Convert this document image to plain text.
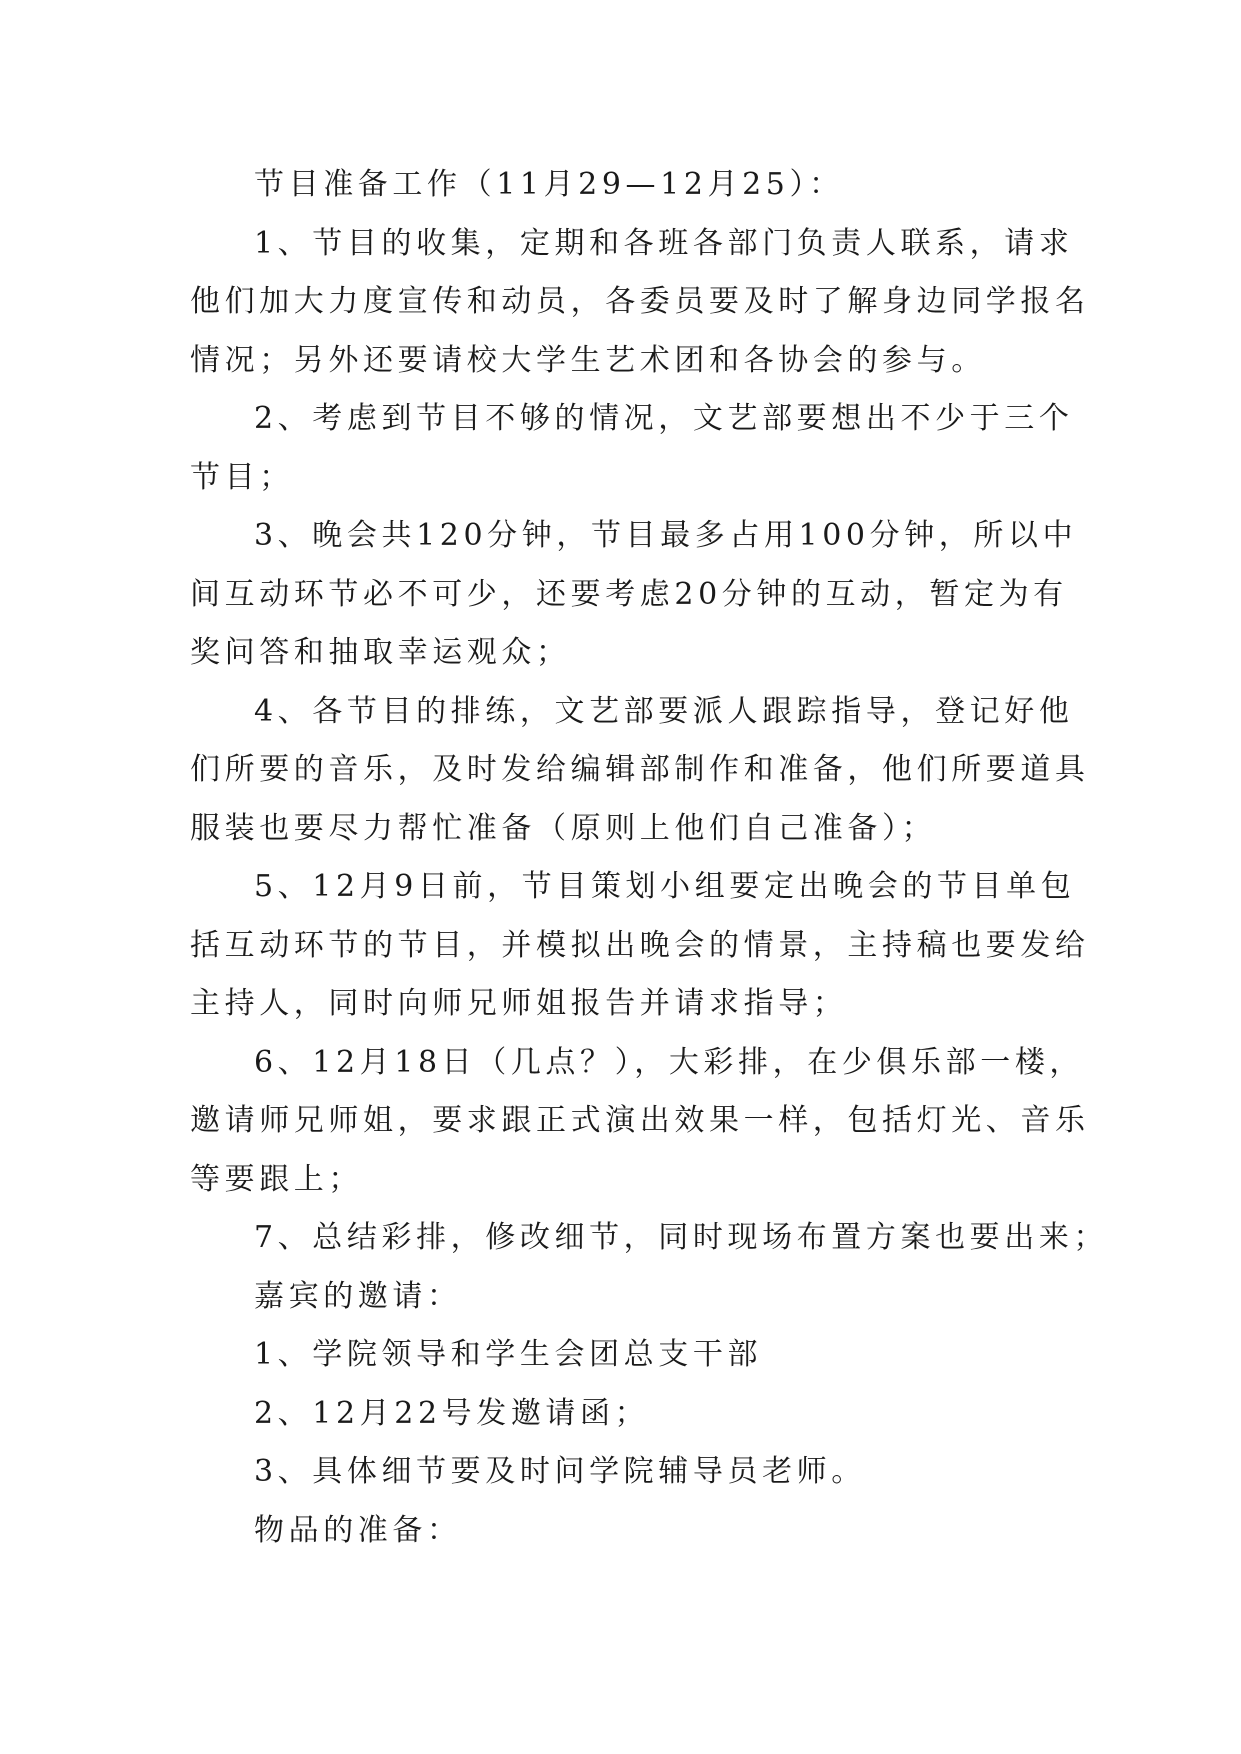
节目准备工作（11月29—12月25）：
1、节目的收集，定期和各班各部门负责人联系，请求
他们加大力度宣传和动员，各委员要及时了解身边同学报名
情况；另外还要请校大学生艺术团和各协会的参与。
2、考虑到节目不够的情况，文艺部要想出不少于三个
节目；
3、晚会共120分钟，节目最多占用100分钟，所以中
间互动环节必不可少，还要考虑20分钟的互动，暂定为有
奖问答和抽取幸运观众；
4、各节目的排练，文艺部要派人跟踪指导，登记好他
们所要的音乐，及时发给编辑部制作和准备，他们所要道具
服装也要尽力帮忙准备（原则上他们自己准备）；
5、12月9日前，节目策划小组要定出晚会的节目单包
括互动环节的节目，并模拟出晚会的情景，主持稿也要发给
主持人，同时向师兄师姐报告并请求指导；
6、12月18日（几点？），大彩排，在少俱乐部一楼，
邀请师兄师姐，要求跟正式演出效果一样，包括灯光、音乐
等要跟上；
7、总结彩排，修改细节，同时现场布置方案也要出来；
嘉宾的邀请：
1、学院领导和学生会团总支干部
2、12月22号发邀请函；
3、具体细节要及时问学院辅导员老师。
物品的准备：
